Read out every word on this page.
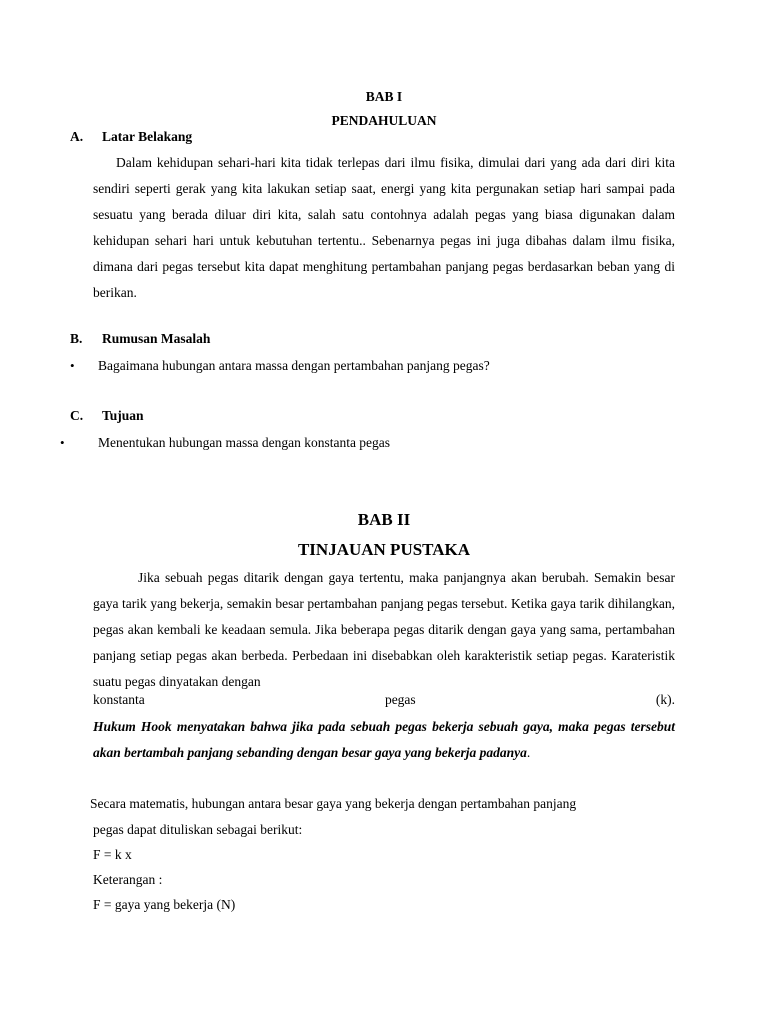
BAB I
PENDAHULUAN
A. Latar Belakang
Dalam kehidupan sehari-hari kita tidak terlepas dari ilmu fisika, dimulai dari yang ada dari diri kita sendiri seperti gerak yang kita lakukan setiap saat, energi yang kita pergunakan setiap hari sampai pada sesuatu yang berada diluar diri kita, salah satu contohnya adalah pegas yang biasa digunakan dalam kehidupan sehari hari untuk kebutuhan tertentu.. Sebenarnya pegas ini juga dibahas dalam ilmu fisika, dimana dari pegas tersebut kita dapat menghitung pertambahan panjang pegas berdasarkan beban yang di berikan.
B. Rumusan Masalah
• Bagaimana hubungan antara massa dengan pertambahan panjang pegas?
C. Tujuan
• Menentukan hubungan massa dengan konstanta pegas
BAB II
TINJAUAN PUSTAKA
Jika sebuah pegas ditarik dengan gaya tertentu, maka panjangnya akan berubah. Semakin besar gaya tarik yang bekerja, semakin besar pertambahan panjang pegas tersebut. Ketika gaya tarik dihilangkan, pegas akan kembali ke keadaan semula. Jika beberapa pegas ditarik dengan gaya yang sama, pertambahan panjang setiap pegas akan berbeda. Perbedaan ini disebabkan oleh karakteristik setiap pegas. Karateristik suatu pegas dinyatakan dengan
konstanta	pegas	(k).
Hukum Hook menyatakan bahwa jika pada sebuah pegas bekerja sebuah gaya, maka pegas tersebut akan bertambah panjang sebanding dengan besar gaya yang bekerja padanya.
Secara matematis, hubungan antara besar gaya yang bekerja dengan pertambahan panjang
pegas dapat dituliskan sebagai berikut:
F = k x
Keterangan :
F = gaya yang bekerja (N)
